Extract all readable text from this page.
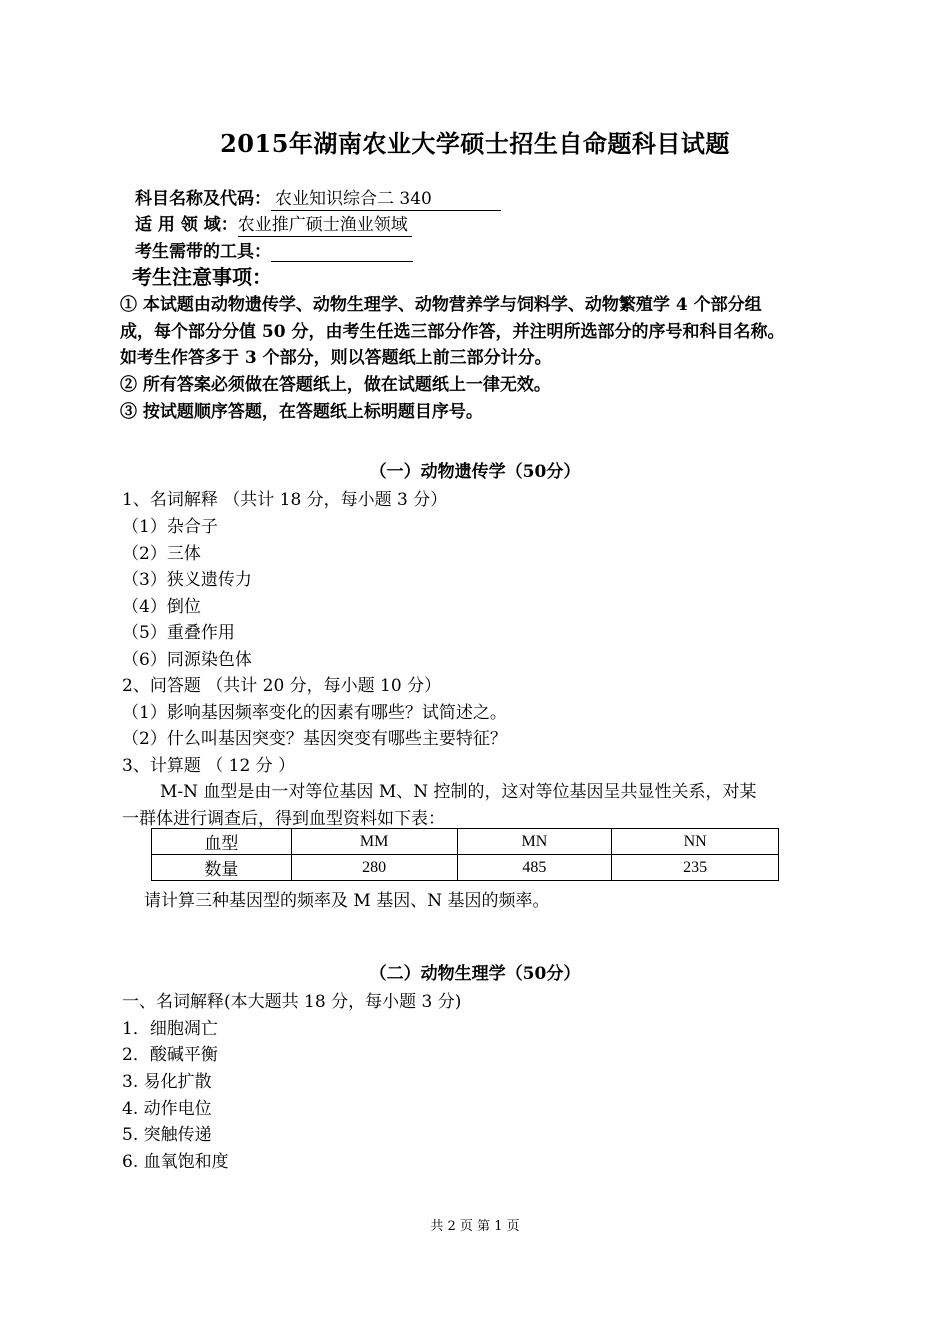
2015年湖南农业大学硕士招生自命题科目试题
科目名称及代码： 农业知识综合二 340
适 用 领 域：农业推广硕士渔业领域
考生需带的工具：
考生注意事项：
① 本试题由动物遗传学、动物生理学、动物营养学与饲料学、动物繁殖学 4 个部分组
成，每个部分分值 50 分，由考生任选三部分作答，并注明所选部分的序号和科目名称。
如考生作答多于 3 个部分，则以答题纸上前三部分计分。
② 所有答案必须做在答题纸上，做在试题纸上一律无效。
③ 按试题顺序答题，在答题纸上标明题目序号。
（一）动物遗传学（50分）
1、名词解释 （共计 18 分，每小题 3 分）
（1）杂合子
（2）三体
（3）狭义遗传力
（4）倒位
（5）重叠作用
（6）同源染色体
2、问答题 （共计 20 分，每小题 10 分）
（1）影响基因频率变化的因素有哪些？试简述之。
（2）什么叫基因突变？基因突变有哪些主要特征？
3、计算题 （ 12 分 ）
M-N 血型是由一对等位基因 M、N 控制的，这对等位基因呈共显性关系，对某
一群体进行调查后，得到血型资料如下表：
血型	MM	MN	NN
数量	280	485	235
请计算三种基因型的频率及 M 基因、N 基因的频率。
（二）动物生理学（50分）
一、名词解释(本大题共 18 分，每小题 3 分)
1．细胞凋亡
2．酸碱平衡
3. 易化扩散
4. 动作电位
5. 突触传递
6. 血氧饱和度
共 2 页 第 1 页
